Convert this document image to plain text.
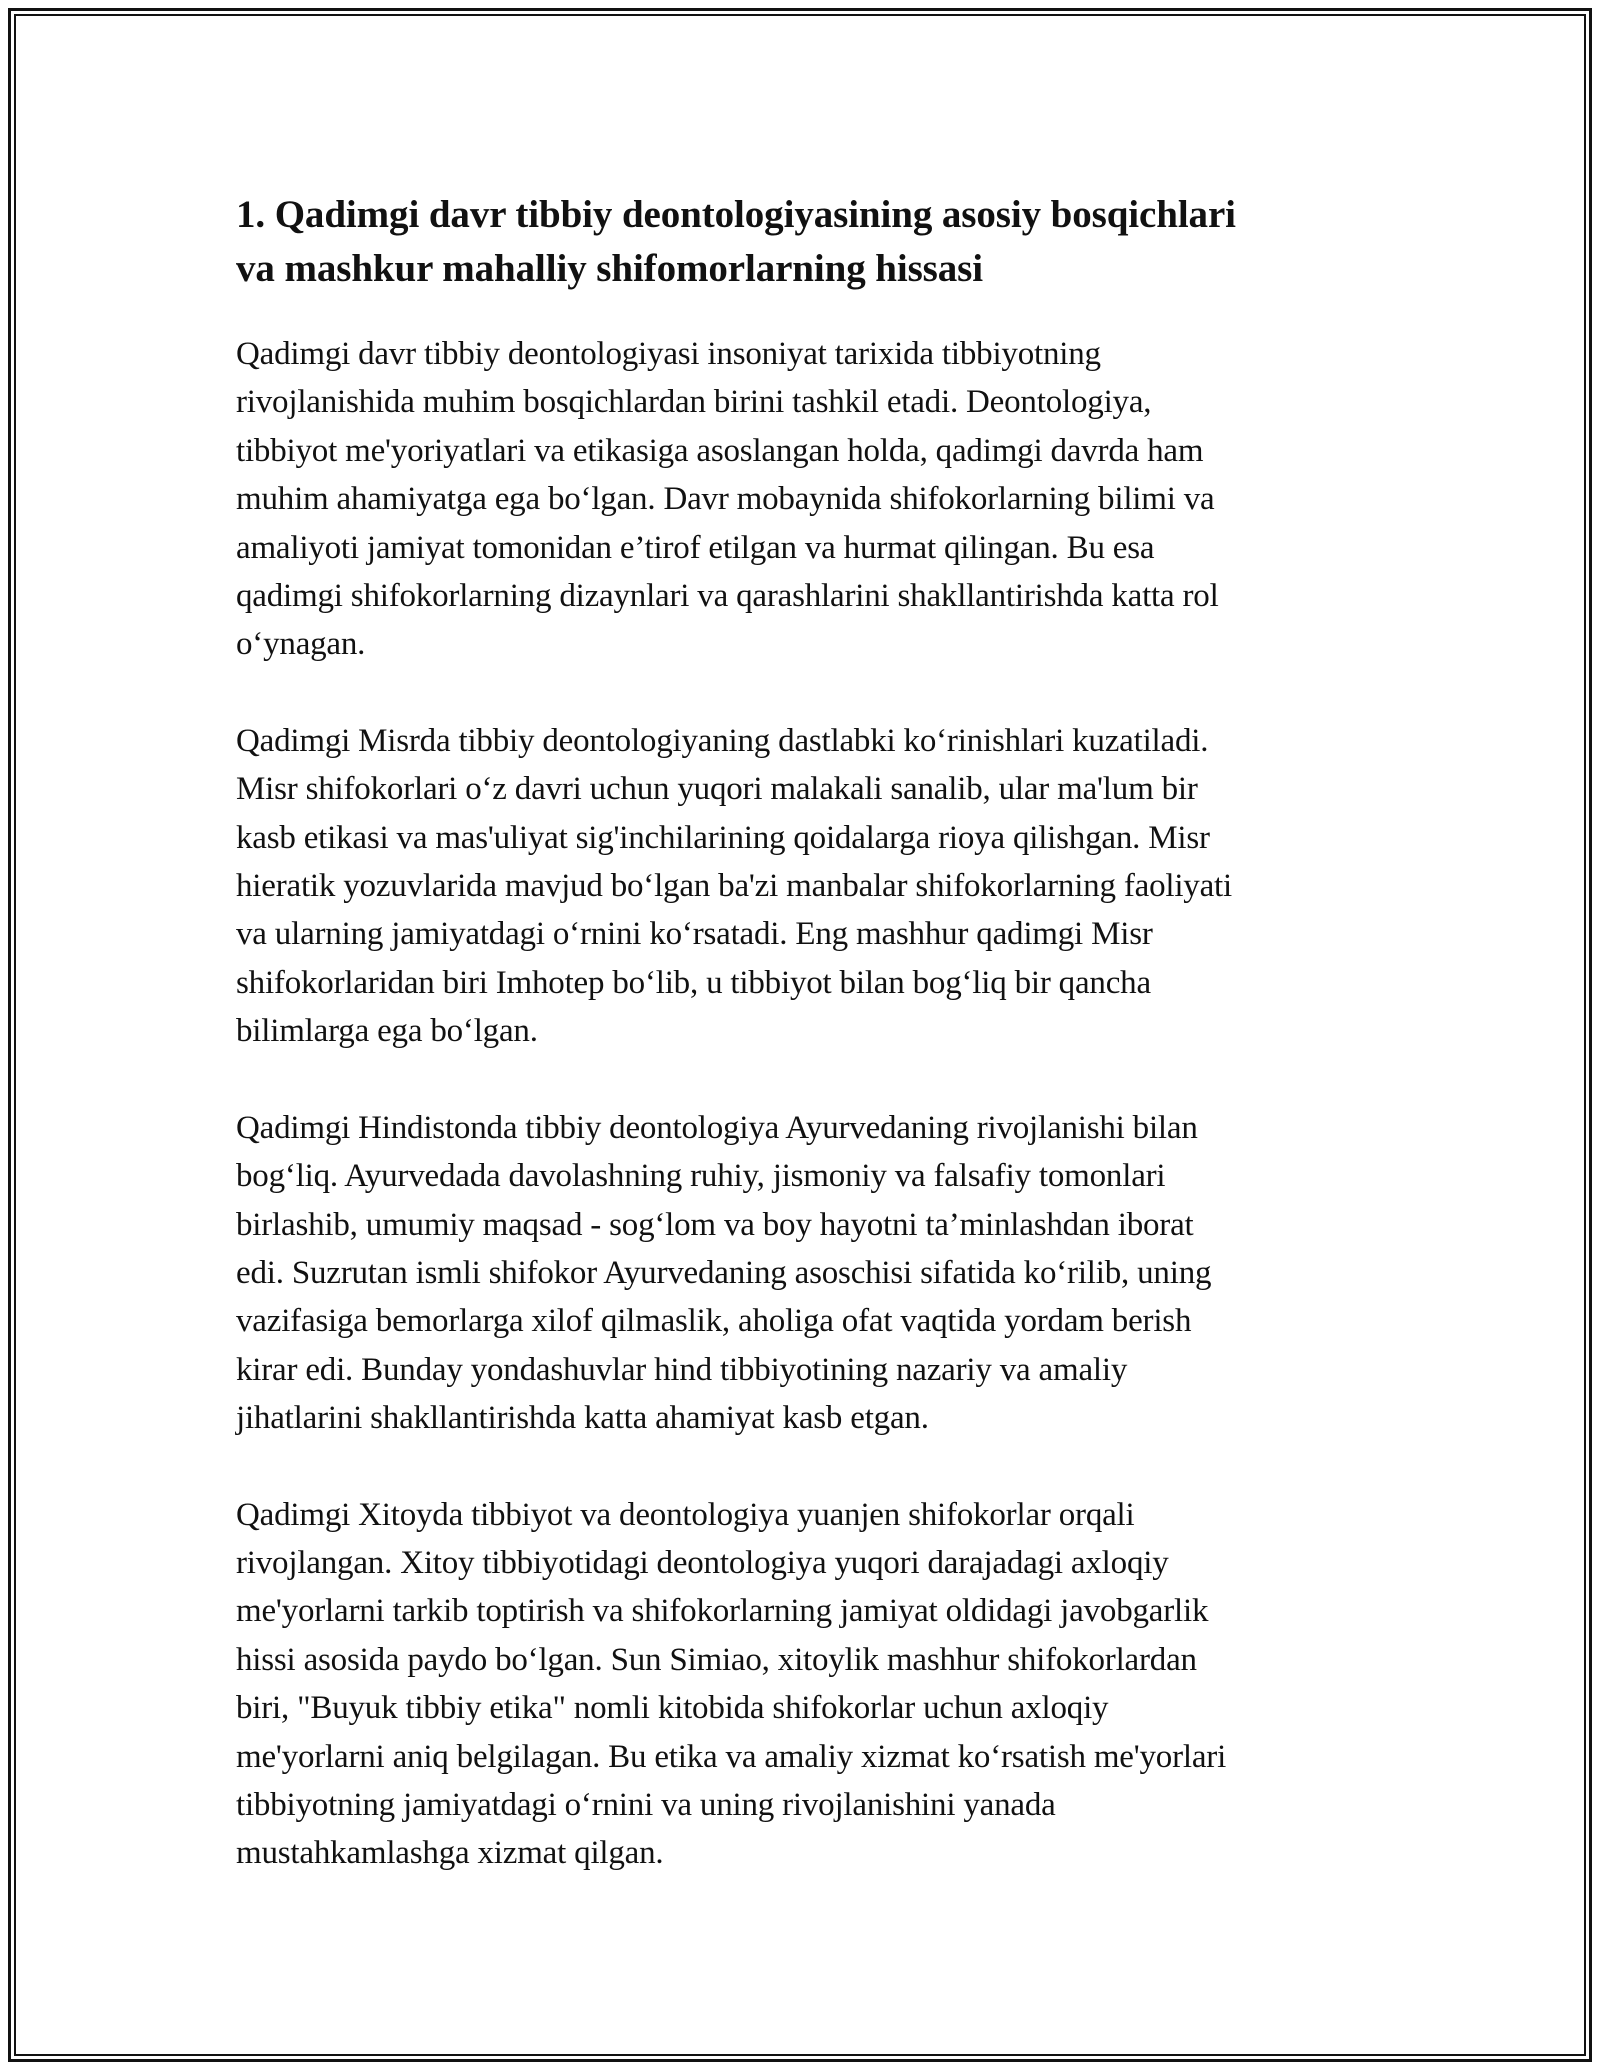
1. Qadimgi davr tibbiy deontologiyasining asosiy bosqichlari
va mashkur mahalliy shifomorlarning hissasi

Qadimgi davr tibbiy deontologiyasi insoniyat tarixida tibbiyotning
rivojlanishida muhim bosqichlardan birini tashkil etadi. Deontologiya,
tibbiyot me'yoriyatlari va etikasiga asoslangan holda, qadimgi davrda ham
muhim ahamiyatga ega bo‘lgan. Davr mobaynida shifokorlarning bilimi va
amaliyoti jamiyat tomonidan e’tirof etilgan va hurmat qilingan. Bu esa
qadimgi shifokorlarning dizaynlari va qarashlarini shakllantirishda katta rol
o‘ynagan.

Qadimgi Misrda tibbiy deontologiyaning dastlabki ko‘rinishlari kuzatiladi.
Misr shifokorlari o‘z davri uchun yuqori malakali sanalib, ular ma'lum bir
kasb etikasi va mas'uliyat sig'inchilarining qoidalarga rioya qilishgan. Misr
hieratik yozuvlarida mavjud bo‘lgan ba'zi manbalar shifokorlarning faoliyati
va ularning jamiyatdagi o‘rnini ko‘rsatadi. Eng mashhur qadimgi Misr
shifokorlaridan biri Imhotep bo‘lib, u tibbiyot bilan bog‘liq bir qancha
bilimlarga ega bo‘lgan.

Qadimgi Hindistonda tibbiy deontologiya Ayurvedaning rivojlanishi bilan
bog‘liq. Ayurvedada davolashning ruhiy, jismoniy va falsafiy tomonlari
birlashib, umumiy maqsad - sog‘lom va boy hayotni ta’minlashdan iborat
edi. Suzrutan ismli shifokor Ayurvedaning asoschisi sifatida ko‘rilib, uning
vazifasiga bemorlarga xilof qilmaslik, aholiga ofat vaqtida yordam berish
kirar edi. Bunday yondashuvlar hind tibbiyotining nazariy va amaliy
jihatlarini shakllantirishda katta ahamiyat kasb etgan.

Qadimgi Xitoyda tibbiyot va deontologiya yuanjen shifokorlar orqali
rivojlangan. Xitoy tibbiyotidagi deontologiya yuqori darajadagi axloqiy
me'yorlarni tarkib toptirish va shifokorlarning jamiyat oldidagi javobgarlik
hissi asosida paydo bo‘lgan. Sun Simiao, xitoylik mashhur shifokorlardan
biri, "Buyuk tibbiy etika" nomli kitobida shifokorlar uchun axloqiy
me'yorlarni aniq belgilagan. Bu etika va amaliy xizmat ko‘rsatish me'yorlari
tibbiyotning jamiyatdagi o‘rnini va uning rivojlanishini yanada
mustahkamlashga xizmat qilgan.
